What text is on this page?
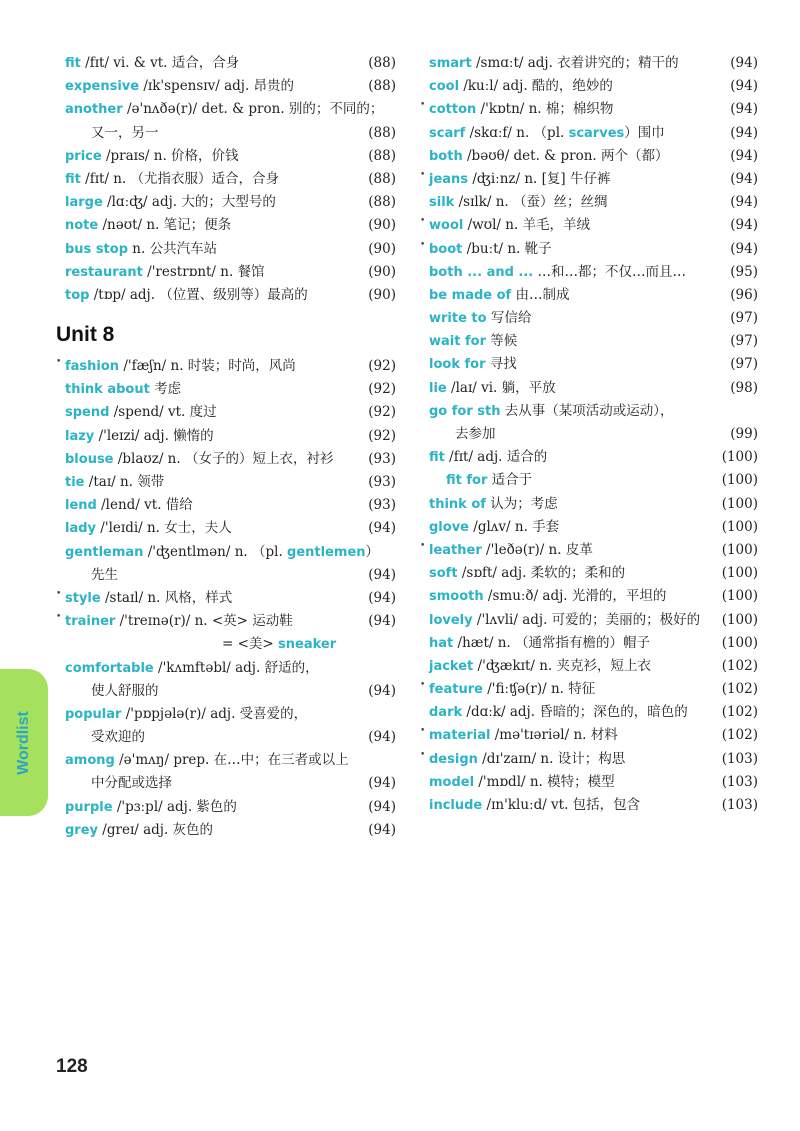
fit /fɪt/ vi. & vt. 适合，合身	(88)
expensive /ɪk'spensɪv/ adj. 昂贵的	(88)
another /ə'nʌðə(r)/ det. & pron. 别的；不同的；
又一，另一	(88)
price /praɪs/ n. 价格，价钱	(88)
fit /fɪt/ n. （尤指衣服）适合，合身	(88)
large /lɑːʤ/ adj. 大的；大型号的	(88)
note /nəʊt/ n. 笔记；便条	(90)
bus stop n. 公共汽车站	(90)
restaurant /'restrɒnt/ n. 餐馆	(90)
top /tɒp/ adj. （位置、级别等）最高的	(90)
Unit 8
• fashion /'fæʃn/ n. 时装；时尚，风尚	(92)
think about 考虑	(92)
spend /spend/ vt. 度过	(92)
lazy /'leɪzi/ adj. 懒惰的	(92)
blouse /blaʊz/ n. （女子的）短上衣，衬衫	(93)
tie /taɪ/ n. 领带	(93)
lend /lend/ vt. 借给	(93)
lady /'leɪdi/ n. 女士，夫人	(94)
gentleman /'ʤentlmən/ n. （pl. gentlemen）
先生	(94)
• style /staɪl/ n. 风格，样式	(94)
• trainer /'treɪnə(r)/ n. <英> 运动鞋	(94)
= <美> sneaker
comfortable /'kʌmftəbl/ adj. 舒适的，
使人舒服的	(94)
popular /'pɒpjələ(r)/ adj. 受喜爱的，
受欢迎的	(94)
among /ə'mʌŋ/ prep. 在…中；在三者或以上
中分配或选择	(94)
purple /'pɜːpl/ adj. 紫色的	(94)
grey /greɪ/ adj. 灰色的	(94)
smart /smɑːt/ adj. 衣着讲究的；精干的	(94)
cool /kuːl/ adj. 酷的，绝妙的	(94)
• cotton /'kɒtn/ n. 棉；棉织物	(94)
scarf /skɑːf/ n. （pl. scarves）围巾	(94)
both /bəʊθ/ det. & pron. 两个（都）	(94)
• jeans /ʤiːnz/ n. [复] 牛仔裤	(94)
silk /sɪlk/ n. （蚕）丝；丝绸	(94)
• wool /wʊl/ n. 羊毛，羊绒	(94)
• boot /buːt/ n. 靴子	(94)
both ... and ... …和…都；不仅…而且…	(95)
be made of 由…制成	(96)
write to 写信给	(97)
wait for 等候	(97)
look for 寻找	(97)
lie /laɪ/ vi. 躺，平放	(98)
go for sth 去从事（某项活动或运动），
去参加	(99)
fit /fɪt/ adj. 适合的	(100)
fit for 适合于	(100)
think of 认为；考虑	(100)
glove /glʌv/ n. 手套	(100)
• leather /'leðə(r)/ n. 皮革	(100)
soft /sɒft/ adj. 柔软的；柔和的	(100)
smooth /smuːð/ adj. 光滑的，平坦的	(100)
lovely /'lʌvli/ adj. 可爱的；美丽的；极好的	(100)
hat /hæt/ n. （通常指有檐的）帽子	(100)
jacket /'ʤækɪt/ n. 夹克衫，短上衣	(102)
• feature /'fiːʧə(r)/ n. 特征	(102)
dark /dɑːk/ adj. 昏暗的；深色的，暗色的	(102)
• material /mə'tɪəriəl/ n. 材料	(102)
• design /dɪ'zaɪn/ n. 设计；构思	(103)
model /'mɒdl/ n. 模特；模型	(103)
include /ɪn'kluːd/ vt. 包括，包含	(103)
Wordlist
128
